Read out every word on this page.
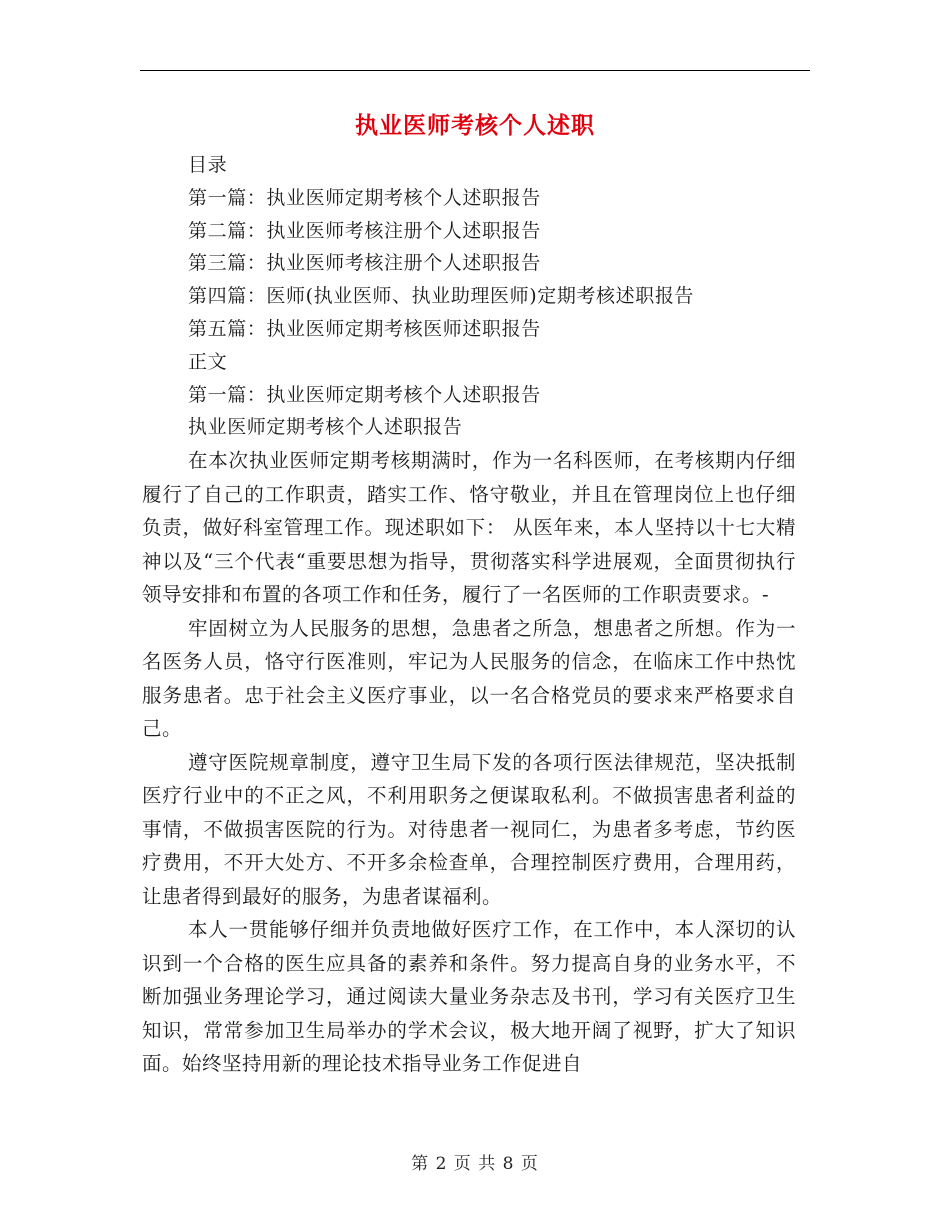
执业医师考核个人述职
目录
第一篇：执业医师定期考核个人述职报告
第二篇：执业医师考核注册个人述职报告
第三篇：执业医师考核注册个人述职报告
第四篇：医师(执业医师、执业助理医师)定期考核述职报告
第五篇：执业医师定期考核医师述职报告
正文
第一篇：执业医师定期考核个人述职报告
执业医师定期考核个人述职报告

在本次执业医师定期考核期满时，作为一名科医师，在考核期内仔细履行了自己的工作职责，踏实工作、恪守敬业，并且在管理岗位上也仔细负责，做好科室管理工作。现述职如下： 从医年来，本人坚持以十七大精神以及“三个代表“重要思想为指导，贯彻落实科学进展观，全面贯彻执行领导安排和布置的各项工作和任务，履行了一名医师的工作职责要求。-

牢固树立为人民服务的思想，急患者之所急，想患者之所想。作为一名医务人员，恪守行医准则，牢记为人民服务的信念，在临床工作中热忱服务患者。忠于社会主义医疗事业，以一名合格党员的要求来严格要求自己。

遵守医院规章制度，遵守卫生局下发的各项行医法律规范，坚决抵制医疗行业中的不正之风，不利用职务之便谋取私利。不做损害患者利益的事情，不做损害医院的行为。对待患者一视同仁，为患者多考虑，节约医疗费用，不开大处方、不开多余检查单，合理控制医疗费用，合理用药，让患者得到最好的服务，为患者谋福利。

本人一贯能够仔细并负责地做好医疗工作，在工作中，本人深切的认识到一个合格的医生应具备的素养和条件。努力提高自身的业务水平，不断加强业务理论学习，通过阅读大量业务杂志及书刊，学习有关医疗卫生知识，常常参加卫生局举办的学术会议，极大地开阔了视野，扩大了知识面。始终坚持用新的理论技术指导业务工作促进自

第 2 页 共 8 页
